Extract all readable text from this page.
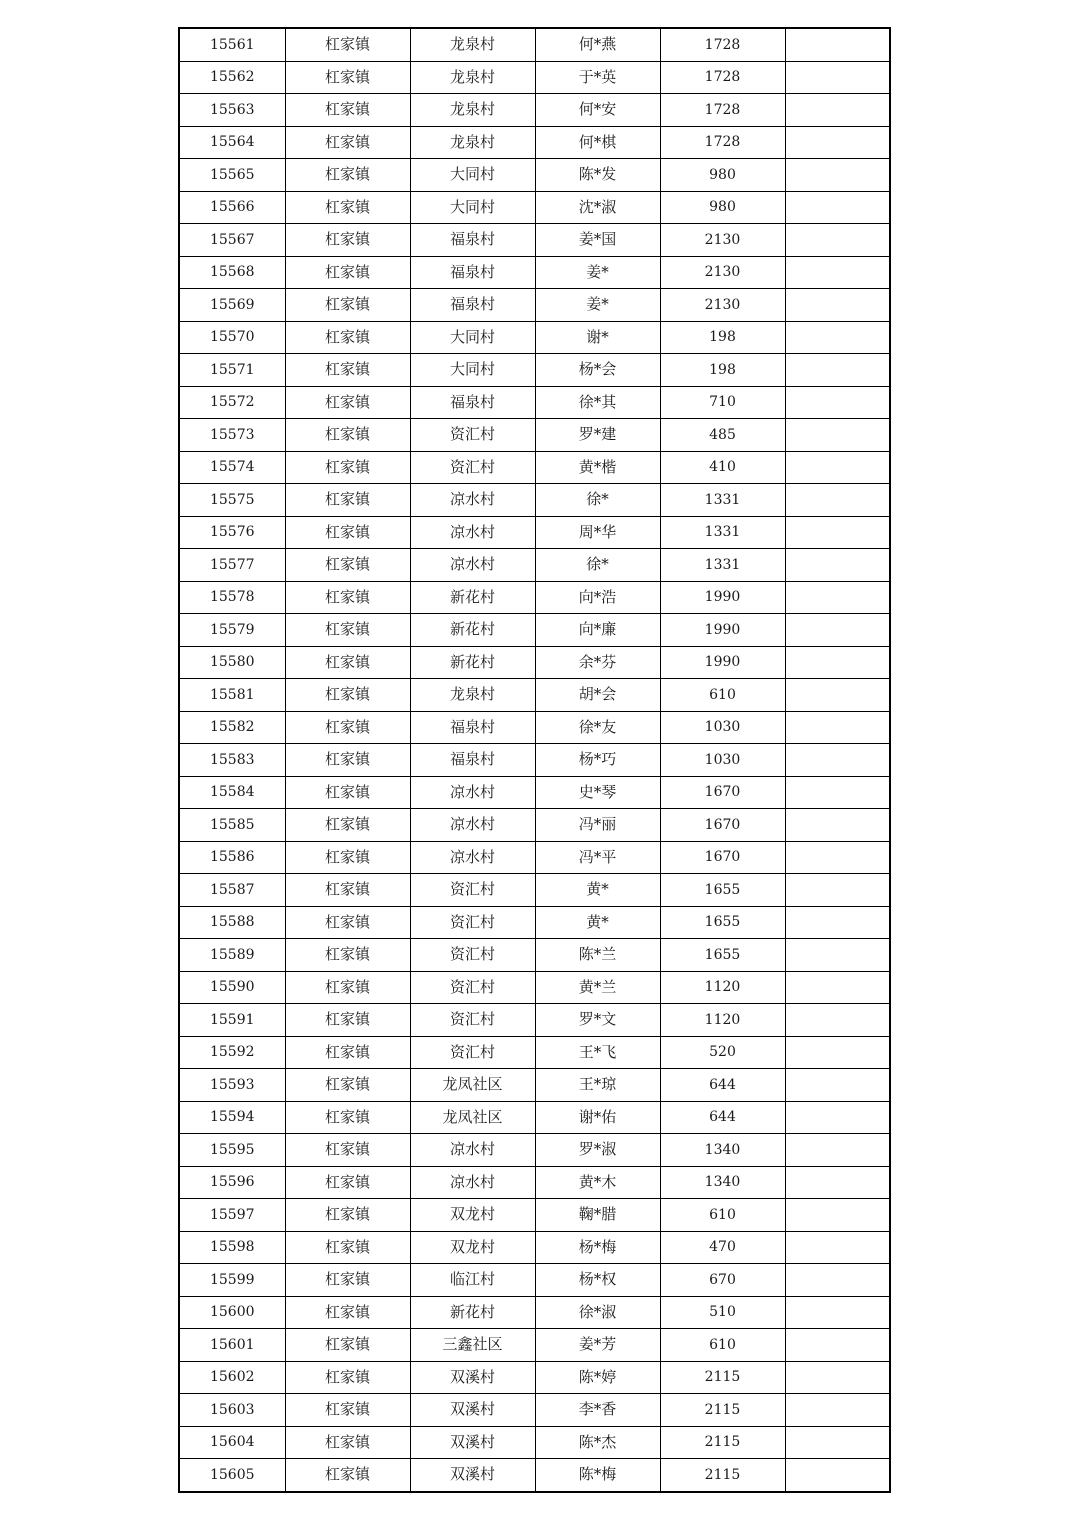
15561	杠家镇	龙泉村	何*燕	1728	
15562	杠家镇	龙泉村	于*英	1728	
15563	杠家镇	龙泉村	何*安	1728	
15564	杠家镇	龙泉村	何*棋	1728	
15565	杠家镇	大同村	陈*发	980	
15566	杠家镇	大同村	沈*淑	980	
15567	杠家镇	福泉村	姜*国	2130	
15568	杠家镇	福泉村	姜*	2130	
15569	杠家镇	福泉村	姜*	2130	
15570	杠家镇	大同村	谢*	198	
15571	杠家镇	大同村	杨*会	198	
15572	杠家镇	福泉村	徐*其	710	
15573	杠家镇	资汇村	罗*建	485	
15574	杠家镇	资汇村	黄*楷	410	
15575	杠家镇	凉水村	徐*	1331	
15576	杠家镇	凉水村	周*华	1331	
15577	杠家镇	凉水村	徐*	1331	
15578	杠家镇	新花村	向*浩	1990	
15579	杠家镇	新花村	向*廉	1990	
15580	杠家镇	新花村	余*芬	1990	
15581	杠家镇	龙泉村	胡*会	610	
15582	杠家镇	福泉村	徐*友	1030	
15583	杠家镇	福泉村	杨*巧	1030	
15584	杠家镇	凉水村	史*琴	1670	
15585	杠家镇	凉水村	冯*丽	1670	
15586	杠家镇	凉水村	冯*平	1670	
15587	杠家镇	资汇村	黄*	1655	
15588	杠家镇	资汇村	黄*	1655	
15589	杠家镇	资汇村	陈*兰	1655	
15590	杠家镇	资汇村	黄*兰	1120	
15591	杠家镇	资汇村	罗*文	1120	
15592	杠家镇	资汇村	王*飞	520	
15593	杠家镇	龙凤社区	王*琼	644	
15594	杠家镇	龙凤社区	谢*佑	644	
15595	杠家镇	凉水村	罗*淑	1340	
15596	杠家镇	凉水村	黄*木	1340	
15597	杠家镇	双龙村	鞠*腊	610	
15598	杠家镇	双龙村	杨*梅	470	
15599	杠家镇	临江村	杨*权	670	
15600	杠家镇	新花村	徐*淑	510	
15601	杠家镇	三鑫社区	姜*芳	610	
15602	杠家镇	双溪村	陈*婷	2115	
15603	杠家镇	双溪村	李*香	2115	
15604	杠家镇	双溪村	陈*杰	2115	
15605	杠家镇	双溪村	陈*梅	2115	
